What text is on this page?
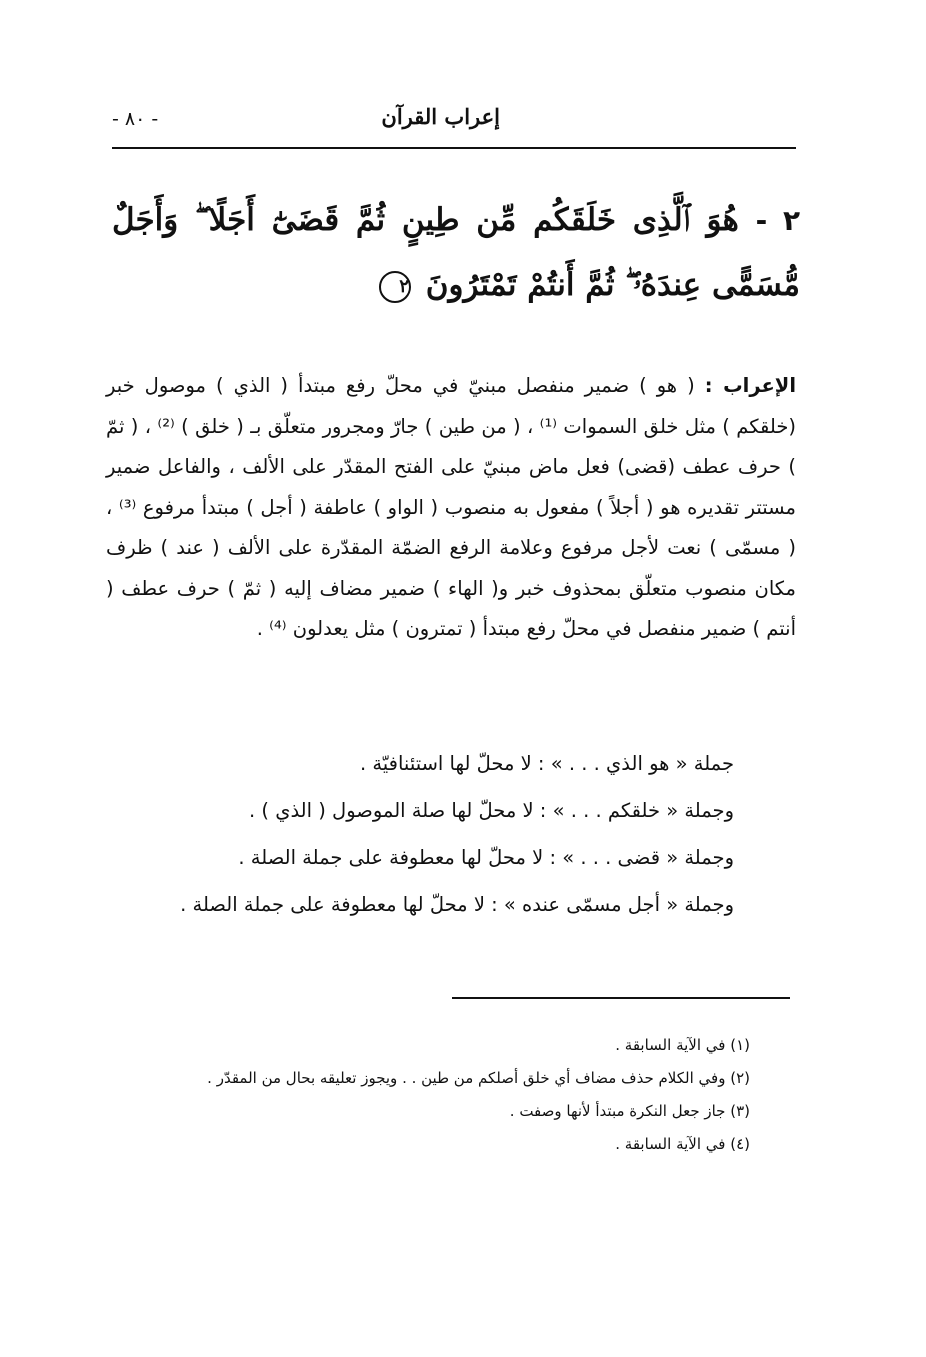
إعراب القرآن
- ٨٠ -
٢ - هُوَ ٱلَّذِى خَلَقَكُم مِّن طِينٍ ثُمَّ قَضَىٰٓ أَجَلًا ۖ وَأَجَلٌ مُّسَمًّى عِندَهُۥ ۖ ثُمَّ أَنتُمْ تَمْتَرُونَ ٢

الإعراب : ( هو ) ضمير منفصل مبنيّ في محلّ رفع مبتدأ ( الذي ) موصول خبر (خلقكم ) مثل خلق السموات ⁽¹⁾ ، ( من طين ) جارّ ومجرور متعلّق بـ ( خلق ) ⁽²⁾ ، ( ثمّ ) حرف عطف (قضى) فعل ماض مبنيّ على الفتح المقدّر على الألف ، والفاعل ضمير مستتر تقديره هو ( أجلاً ) مفعول به منصوب ( الواو ) عاطفة ( أجل ) مبتدأ مرفوع ⁽³⁾ ، ( مسمّى ) نعت لأجل مرفوع وعلامة الرفع الضمّة المقدّرة على الألف ( عند ) ظرف مكان منصوب متعلّق بمحذوف خبر و( الهاء ) ضمير مضاف إليه ( ثمّ ) حرف عطف ( أنتم ) ضمير منفصل في محلّ رفع مبتدأ ( تمترون ) مثل يعدلون ⁽⁴⁾ .

جملة « هو الذي . . . » : لا محلّ لها استئنافيّة .

وجملة « خلقكم . . . » : لا محلّ لها صلة الموصول ( الذي ) .

وجملة « قضى . . . » : لا محلّ لها معطوفة على جملة الصلة .

وجملة « أجل مسمّى عنده » : لا محلّ لها معطوفة على جملة الصلة .

(١) في الآية السابقة .

(٢) وفي الكلام حذف مضاف أي خلق أصلكم من طين . . ويجوز تعليقه بحال من المقدّر .

(٣) جاز جعل النكرة مبتدأ لأنها وصفت .

(٤) في الآية السابقة .
